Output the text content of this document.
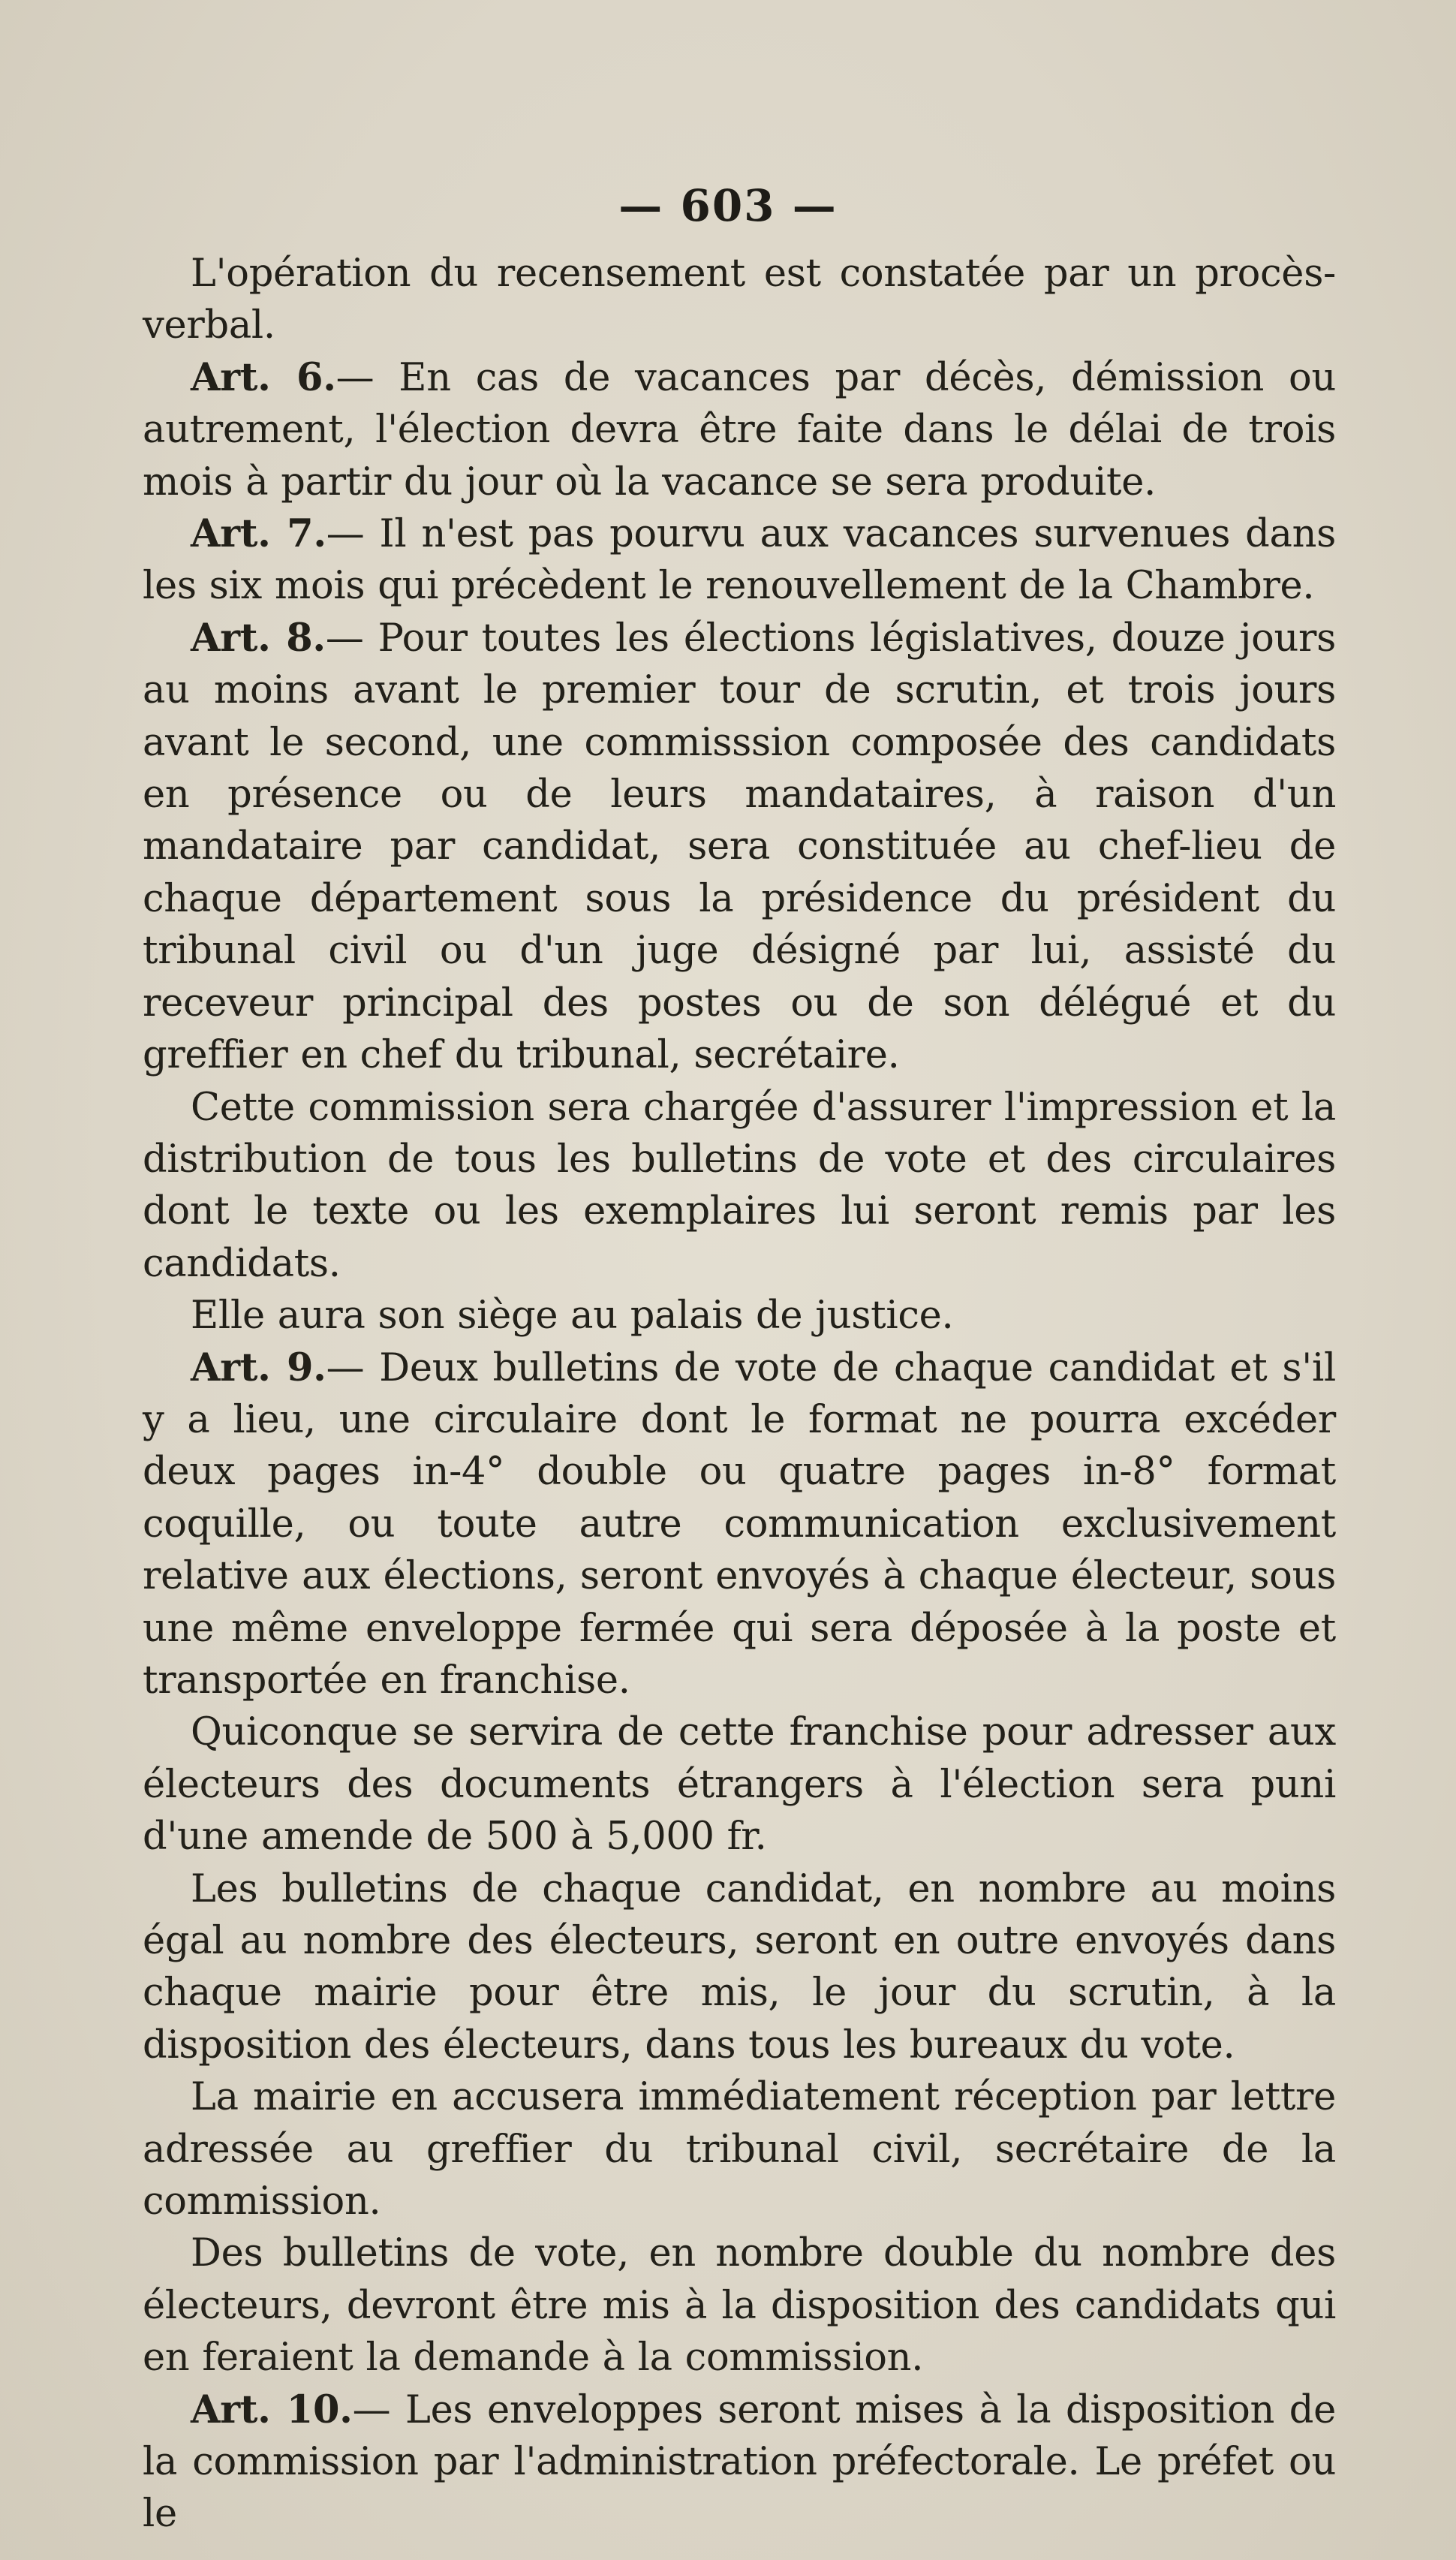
— 603 —

L'opération du recensement est constatée par un procès-verbal.

Art. 6.— En cas de vacances par décès, démission ou autrement, l'élection devra être faite dans le délai de trois mois à partir du jour où la vacance se sera produite.

Art. 7.— Il n'est pas pourvu aux vacances survenues dans les six mois qui précèdent le renouvellement de la Chambre.

Art. 8.— Pour toutes les élections législatives, douze jours au moins avant le premier tour de scrutin, et trois jours avant le second, une commisssion composée des candidats en présence ou de leurs mandataires, à raison d'un mandataire par candidat, sera constituée au chef-lieu de chaque département sous la présidence du président du tribunal civil ou d'un juge désigné par lui, assisté du receveur principal des postes ou de son délégué et du greffier en chef du tribunal, secrétaire.

Cette commission sera chargée d'assurer l'impression et la distribution de tous les bulletins de vote et des circulaires dont le texte ou les exemplaires lui seront remis par les candidats.

Elle aura son siège au palais de justice.

Art. 9.— Deux bulletins de vote de chaque candidat et s'il y a lieu, une circulaire dont le format ne pourra excéder deux pages in-4° double ou quatre pages in-8° format coquille, ou toute autre communication exclusivement relative aux élections, seront envoyés à chaque électeur, sous une même enveloppe fermée qui sera déposée à la poste et transportée en franchise.

Quiconque se servira de cette franchise pour adresser aux électeurs des documents étrangers à l'élection sera puni d'une amende de 500 à 5,000 fr.

Les bulletins de chaque candidat, en nombre au moins égal au nombre des électeurs, seront en outre envoyés dans chaque mairie pour être mis, le jour du scrutin, à la disposition des électeurs, dans tous les bureaux du vote.

La mairie en accusera immédiatement réception par lettre adressée au greffier du tribunal civil, secrétaire de la commission.

Des bulletins de vote, en nombre double du nombre des électeurs, devront être mis à la disposition des candidats qui en feraient la demande à la commission.

Art. 10.— Les enveloppes seront mises à la disposition de la commission par l'administration préfectorale. Le préfet ou le
